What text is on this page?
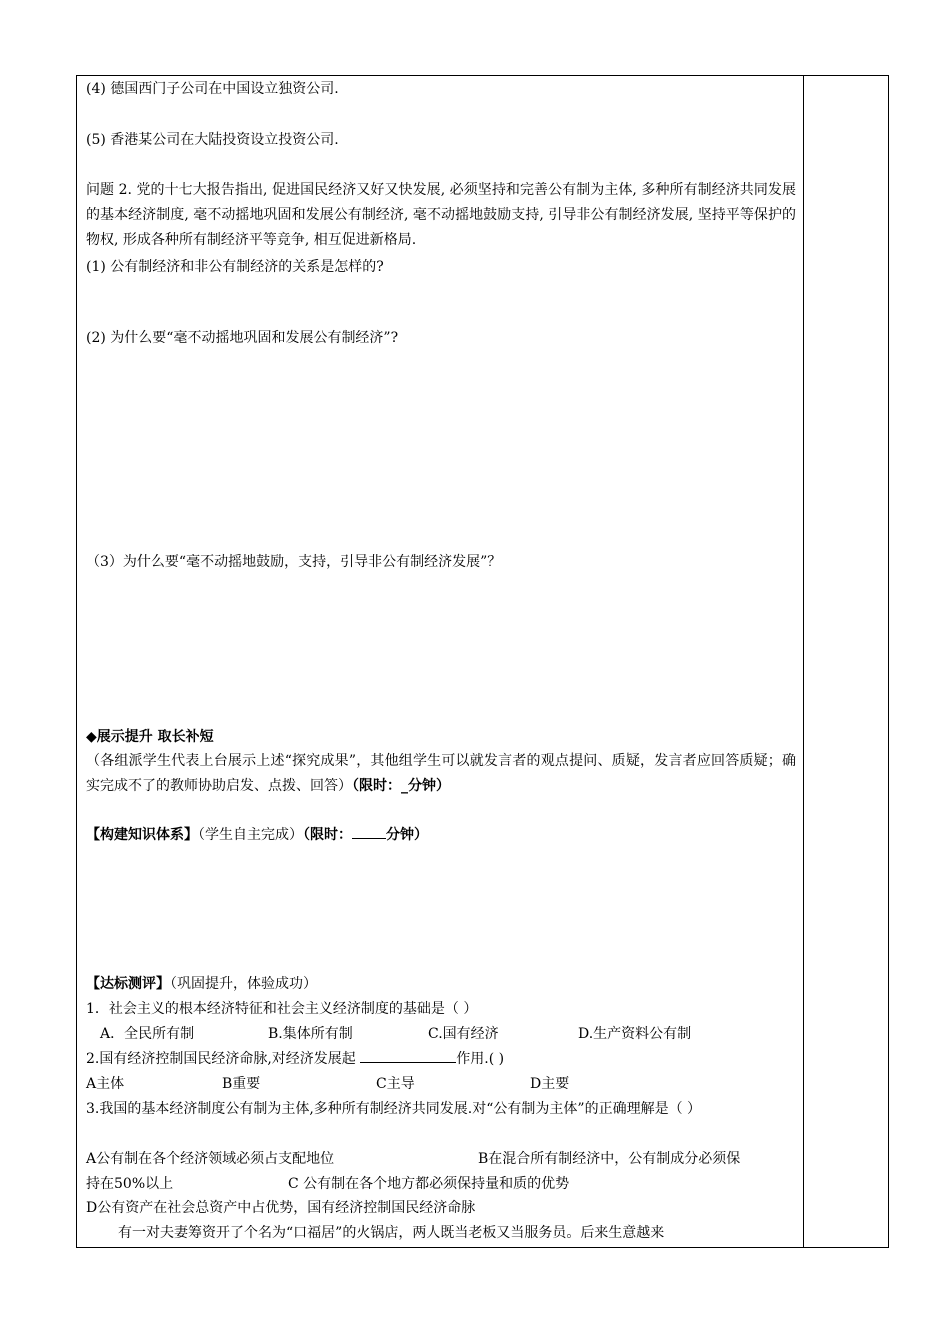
(4) 德国西门子公司在中国设立独资公司.
(5) 香港某公司在大陆投资设立投资公司.
问题 2. 党的十七大报告指出, 促进国民经济又好又快发展, 必须坚持和完善公有制为主体, 多种所有制经济共同发展的基本经济制度, 毫不动摇地巩固和发展公有制经济, 毫不动摇地鼓励支持, 引导非公有制经济发展, 坚持平等保护的物权, 形成各种所有制经济平等竞争, 相互促进新格局.
(1) 公有制经济和非公有制经济的关系是怎样的?
(2) 为什么要“毫不动摇地巩固和发展公有制经济”?
（3）为什么要“毫不动摇地鼓励，支持，引导非公有制经济发展”？
◆展示提升 取长补短
（各组派学生代表上台展示上述“探究成果”，其他组学生可以就发言者的观点提问、质疑，发言者应回答质疑；确实完成不了的教师协助启发、点拨、回答）（限时：_分钟）
【构建知识体系】（学生自主完成）（限时： 分钟）
【达标测评】（巩固提升，体验成功）
1．社会主义的根本经济特征和社会主义经济制度的基础是（ ）
A．全民所有制	B.集体所有制	C.国有经济	D.生产资料公有制
2.国有经济控制国民经济命脉,对经济发展起	作用.( )
A主体	B重要	C主导	D主要
3.我国的基本经济制度公有制为主体,多种所有制经济共同发展.对“公有制为主体”的正确理解是（ ）
A公有制在各个经济领域必须占支配地位	B在混合所有制经济中，公有制成分必须保
持在50%以上	C 公有制在各个地方都必须保持量和质的优势
D公有资产在社会总资产中占优势，国有经济控制国民经济命脉
有一对夫妻筹资开了个名为“口福居”的火锅店，两人既当老板又当服务员。后来生意越来
